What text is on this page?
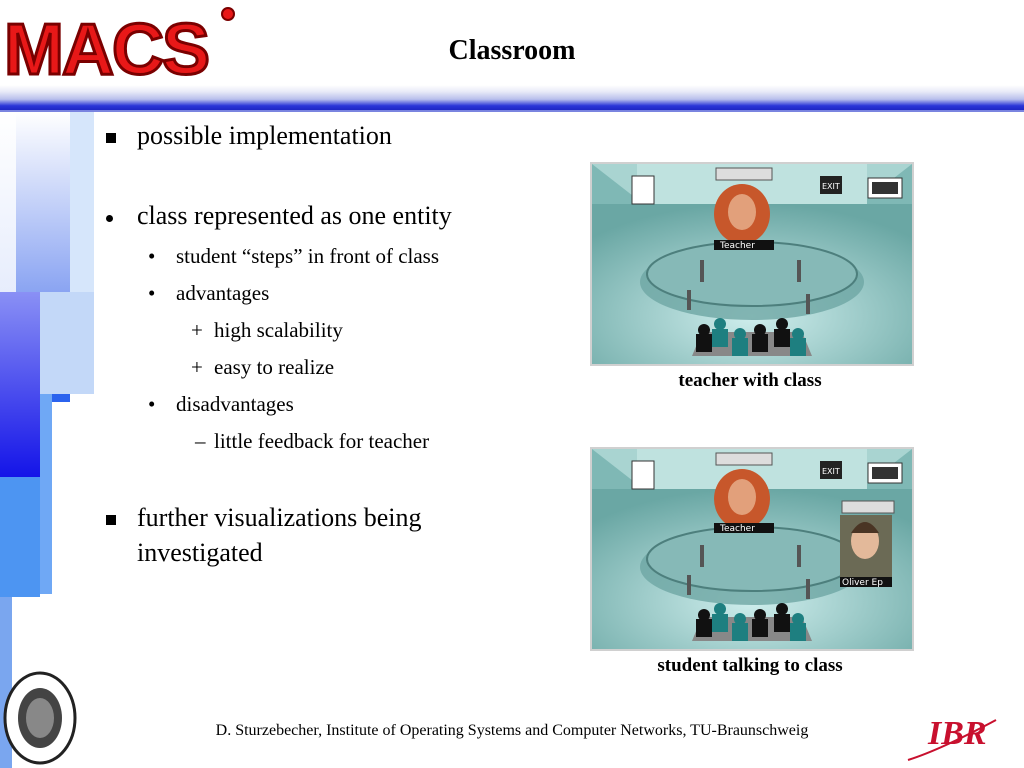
MACS	Classroom
possible implementation
class represented as one entity
• student “steps” in front of class
• advantages
+ high scalability
+ easy to realize
• disadvantages
– little feedback for teacher
further visualizations being
investigated
EXIT
Teacher
teacher with class
EXIT
Teacher
Oliver Ep
student talking to class
D. Sturzebecher, Institute of Operating Systems and Computer Networks, TU-Braunschweig	IBR
